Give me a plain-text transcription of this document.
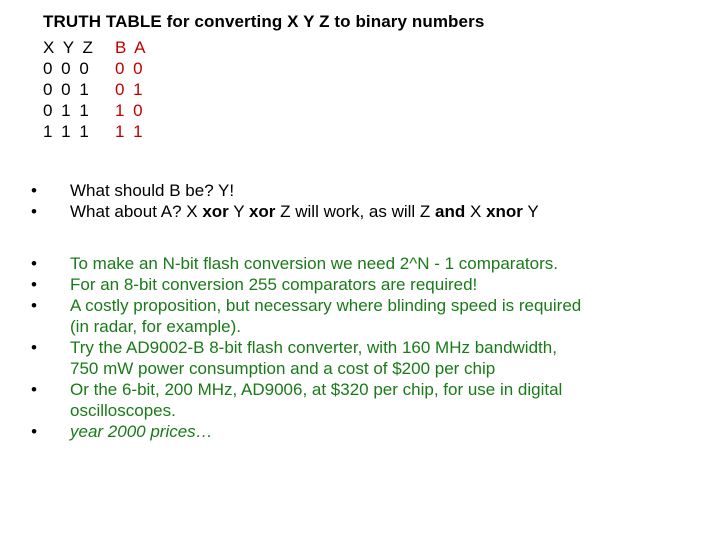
TRUTH TABLE for converting X Y Z to binary numbers
X Y Z B A
0 0 0 0 0
0 0 1 0 1
0 1 1 1 0
1 1 1 1 1
• What should B be? Y!
• What about A? X xor Y xor Z will work, as will Z and X xnor Y
• To make an N-bit flash conversion we need 2^N - 1 comparators.
• For an 8-bit conversion 255 comparators are required!
• A costly proposition, but necessary where blinding speed is required
(in radar, for example).
• Try the AD9002-B 8-bit flash converter, with 160 MHz bandwidth,
750 mW power consumption and a cost of $200 per chip
• Or the 6-bit, 200 MHz, AD9006, at $320 per chip, for use in digital
oscilloscopes.
• year 2000 prices…
